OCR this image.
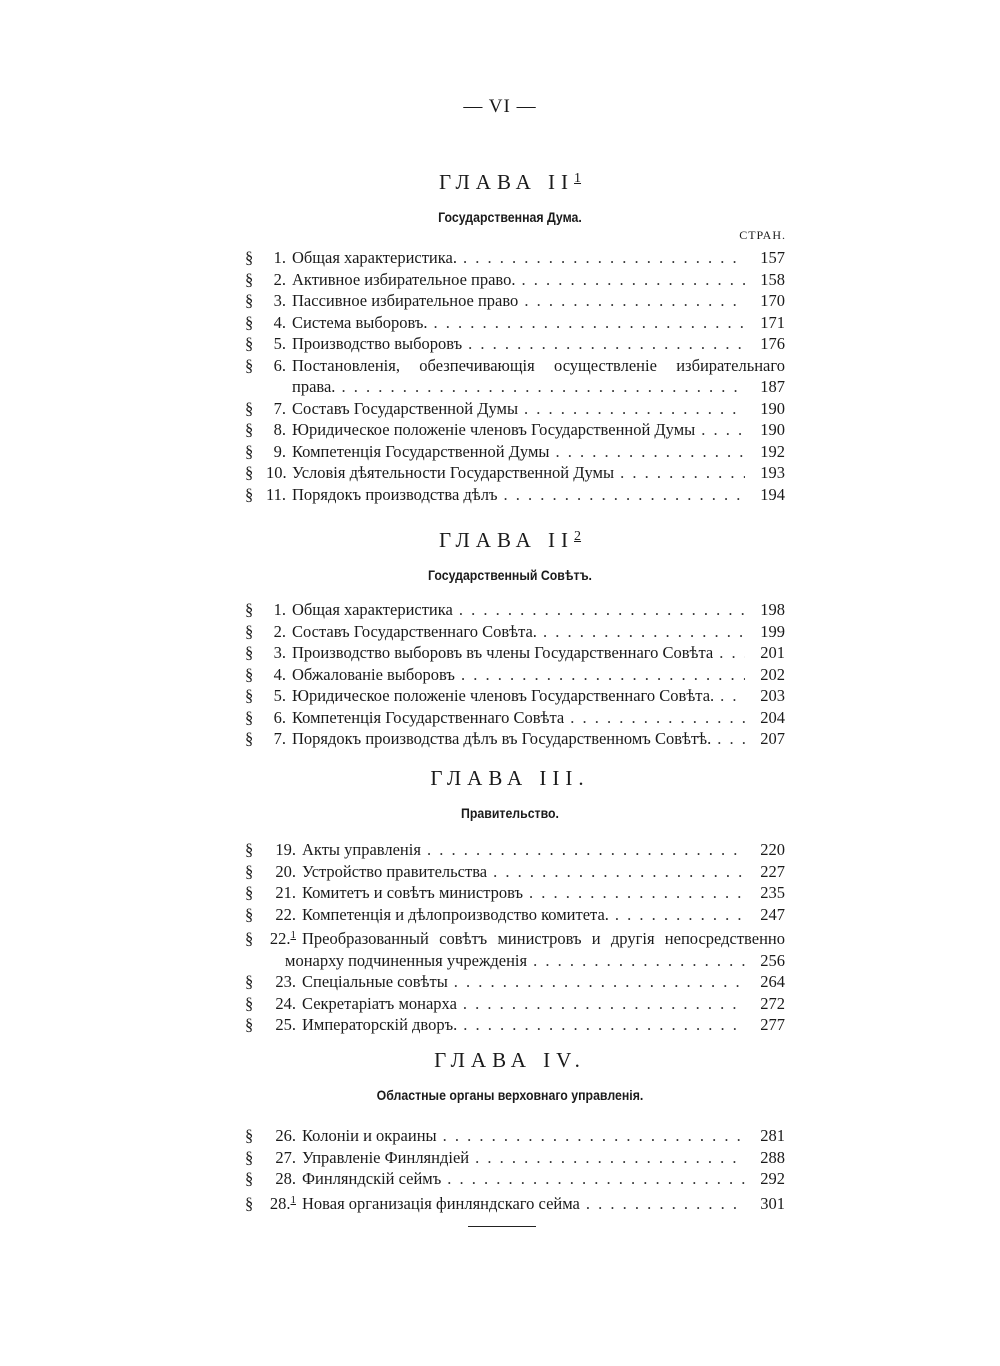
— VI —
ГЛАВА $II^1$
Государственная Дума.
СТРАН.
§	1. Общая характеристика. . . .	157
§	2. Активное избирательное право. . . .	158
§	3. Пассивное избирательное право . . .	170
§	4. Система выборовъ. . . .	171
§	5. Производство выборовъ . . .	176
§	6. Постановленія, обезпечивающія осуществленіе избирательнаго
права. . . .	187
§	7. Составъ Государственной Думы . . .	190
§	8. Юридическое положеніе членовъ Государственной Думы . . .	190
§	9. Компетенція Государственной Думы . . .	192
§ 10. Условія дѣятельности Государственной Думы . . .	193
§ 11. Порядокъ производства дѣлъ . . .	194
ГЛАВА $II^2$
Государственный Совѣтъ.
§	1. Общая характеристика . . .	198
§	2. Составъ Государственнаго Совѣта. . . .	199
§	3. Производство выборовъ въ члены Государственнаго Совѣта . . .	201
§	4. Обжалованіе выборовъ . . .	202
§	5. Юридическое положеніе членовъ Государственнаго Совѣта. . . .	203
§	6. Компетенція Государственнаго Совѣта . . .	204
§	7. Порядокъ производства дѣлъ въ Государственномъ Совѣтѣ. . . .	207
ГЛАВА III.
Правительство.
§	19. Акты управленія . . .	220
§	20. Устройство правительства . . .	227
§	21. Комитетъ и совѣтъ министровъ . . .	235
§	22. Компетенція и дѣлопроизводство комитета. . . .	247
§	22.$^1$ Преобразованный совѣтъ министровъ и другія непосредственно
монарху подчиненныя учрежденія . . .	256
§	23. Спеціальные совѣты . . .	264
§	24. Секретаріатъ монарха . . .	272
§	25. Императорскій дворъ. . . .	277
ГЛАВА IV.
Областные органы верховнаго управленія.
§	26. Колоніи и окраины . . .	281
§	27. Управленіе Финляндіей . . .	288
§	28. Финляндскій сеймъ . . .	292
§	28.$^1$ Новая организація финляндскаго сейма . . .	301
